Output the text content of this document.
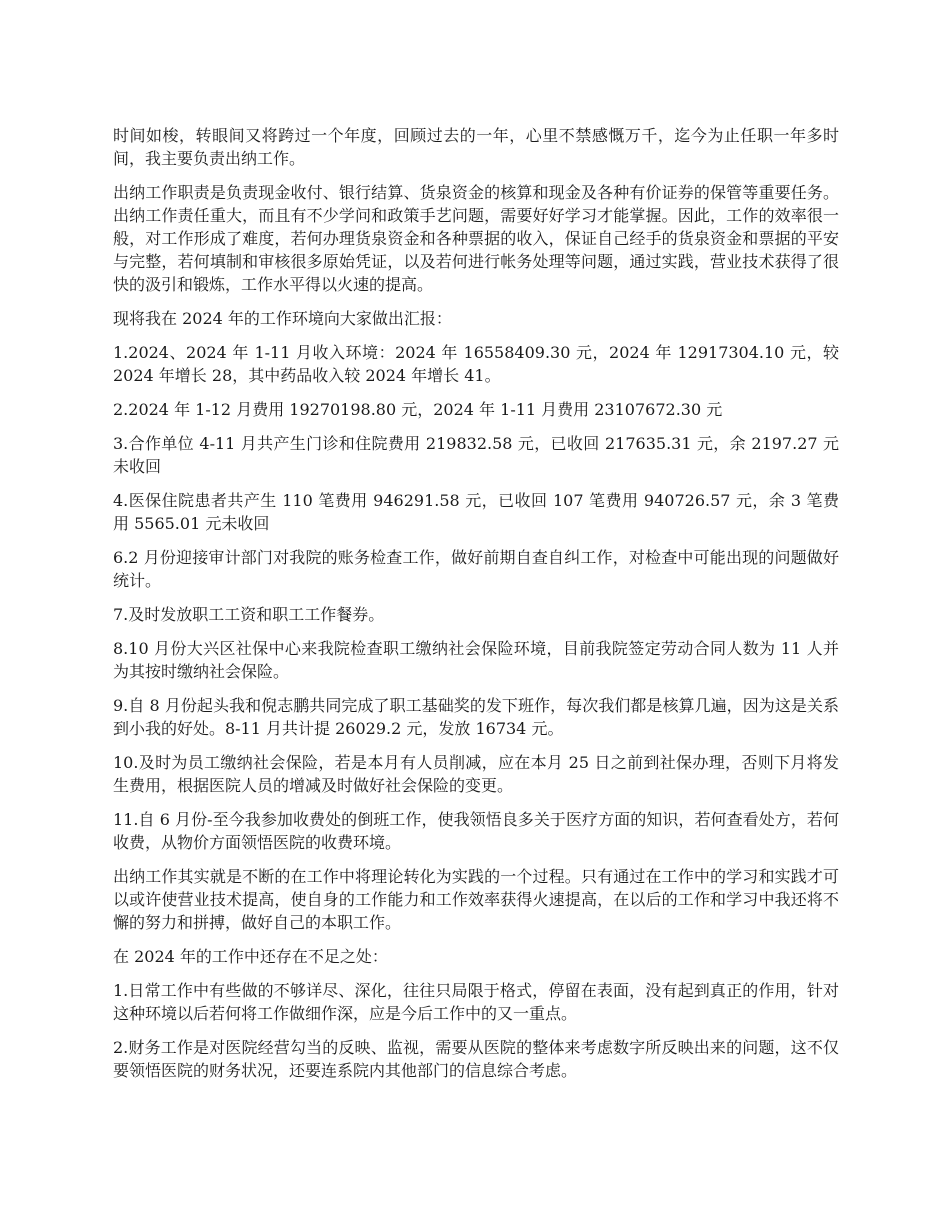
时间如梭，转眼间又将跨过一个年度，回顾过去的一年，心里不禁感慨万千，迄今为止任职一年多时间，我主要负责出纳工作。

出纳工作职责是负责现金收付、银行结算、货泉资金的核算和现金及各种有价证券的保管等重要任务。出纳工作责任重大，而且有不少学问和政策手艺问题，需要好好学习才能掌握。因此，工作的效率很一般，对工作形成了难度，若何办理货泉资金和各种票据的收入，保证自己经手的货泉资金和票据的平安与完整，若何填制和审核很多原始凭证，以及若何进行帐务处理等问题，通过实践，营业技术获得了很快的汲引和锻炼，工作水平得以火速的提高。

现将我在 2024 年的工作环境向大家做出汇报：

1.2024、2024 年 1-11 月收入环境：2024 年 16558409.30 元，2024 年 12917304.10 元，较 2024 年增长 28，其中药品收入较 2024 年增长 41。

2.2024 年 1-12 月费用 19270198.80 元，2024 年 1-11 月费用 23107672.30 元

3.合作单位 4-11 月共产生门诊和住院费用 219832.58 元，已收回 217635.31 元，余 2197.27 元未收回

4.医保住院患者共产生 110 笔费用 946291.58 元，已收回 107 笔费用 940726.57 元，余 3 笔费用 5565.01 元未收回

6.2 月份迎接审计部门对我院的账务检查工作，做好前期自查自纠工作，对检查中可能出现的问题做好统计。

7.及时发放职工工资和职工工作餐券。

8.10 月份大兴区社保中心来我院检查职工缴纳社会保险环境，目前我院签定劳动合同人数为 11 人并为其按时缴纳社会保险。

9.自 8 月份起头我和倪志鹏共同完成了职工基础奖的发下班作，每次我们都是核算几遍，因为这是关系到小我的好处。8-11 月共计提 26029.2 元，发放 16734 元。

10.及时为员工缴纳社会保险，若是本月有人员削减，应在本月 25 日之前到社保办理，否则下月将发生费用，根据医院人员的增减及时做好社会保险的变更。

11.自 6 月份-至今我参加收费处的倒班工作，使我领悟良多关于医疗方面的知识，若何查看处方，若何收费，从物价方面领悟医院的收费环境。

出纳工作其实就是不断的在工作中将理论转化为实践的一个过程。只有通过在工作中的学习和实践才可以或许使营业技术提高，使自身的工作能力和工作效率获得火速提高，在以后的工作和学习中我还将不懈的努力和拼搏，做好自己的本职工作。

在 2024 年的工作中还存在不足之处：

1.日常工作中有些做的不够详尽、深化，往往只局限于格式，停留在表面，没有起到真正的作用，针对这种环境以后若何将工作做细作深，应是今后工作中的又一重点。

2.财务工作是对医院经营勾当的反映、监视，需要从医院的整体来考虑数字所反映出来的问题，这不仅要领悟医院的财务状况，还要连系院内其他部门的信息综合考虑。
